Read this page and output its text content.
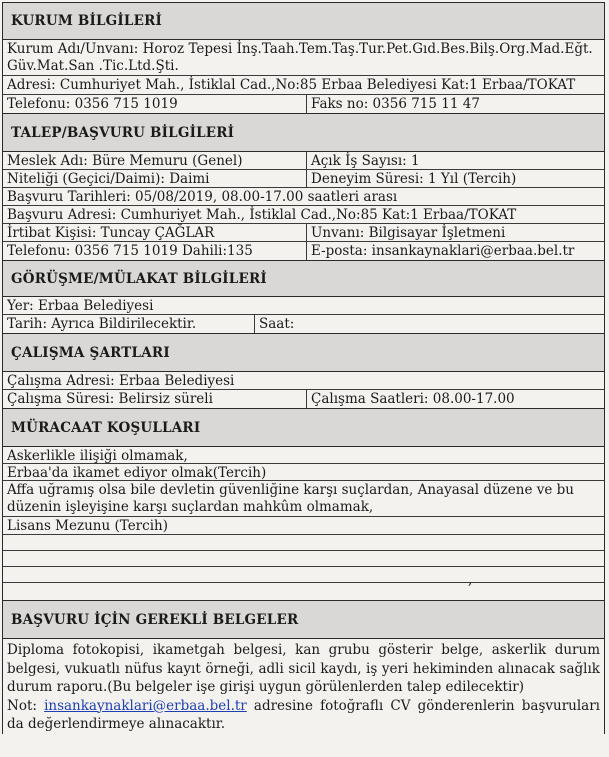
KURUM BİLGİLERİ
Kurum Adı/Unvanı: Horoz Tepesi İnş.Taah.Tem.Taş.Tur.Pet.Gıd.Bes.Bilş.Org.Mad.Eğt.
Güv.Mat.San .Tic.Ltd.Şti.
Adresi: Cumhuriyet Mah., İstiklal Cad.,No:85 Erbaa Belediyesi Kat:1 Erbaa/TOKAT
Telefonu: 0356 715 1019	Faks no: 0356 715 11 47
TALEP/BAŞVURU BİLGİLERİ
Meslek Adı: Büre Memuru (Genel)	Açık İş Sayısı: 1
Niteliği (Geçici/Daimi): Daimi	Deneyim Süresi: 1 Yıl (Tercih)
Başvuru Tarihleri: 05/08/2019, 08.00-17.00 saatleri arası
Başvuru Adresi: Cumhuriyet Mah., İstiklal Cad.,No:85 Kat:1 Erbaa/TOKAT
İrtibat Kişisi: Tuncay ÇAĞLAR	Unvanı: Bilgisayar İşletmeni
Telefonu: 0356 715 1019 Dahili:135	E-posta: insankaynaklari@erbaa.bel.tr
GÖRÜŞME/MÜLAKAT BİLGİLERİ
Yer: Erbaa Belediyesi
Tarih: Ayrıca Bildirilecektir.	Saat:
ÇALIŞMA ŞARTLARI
Çalışma Adresi: Erbaa Belediyesi
Çalışma Süresi: Belirsiz süreli	Çalışma Saatleri: 08.00-17.00
MÜRACAAT KOŞULLARI
Askerlikle ilişiği olmamak,
Erbaa'da ikamet ediyor olmak(Tercih)
Affa uğramış olsa bile devletin güvenliğine karşı suçlardan, Anayasal düzene ve bu
düzenin işleyişine karşı suçlardan mahkûm olmamak,
Lisans Mezunu (Tercih)
BAŞVURU İÇİN GEREKLİ BELGELER
Diploma fotokopisi, ikametgah belgesi, kan grubu gösterir belge, askerlik durum belgesi, vukuatlı nüfus kayıt örneği, adli sicil kaydı, iş yeri hekiminden alınacak sağlık durum raporu.(Bu belgeler işe girişi uygun görülenlerden talep edilecektir)
Not: insankaynaklari@erbaa.bel.tr adresine fotoğraflı CV gönderenlerin başvuruları da değerlendirmeye alınacaktır.
,
